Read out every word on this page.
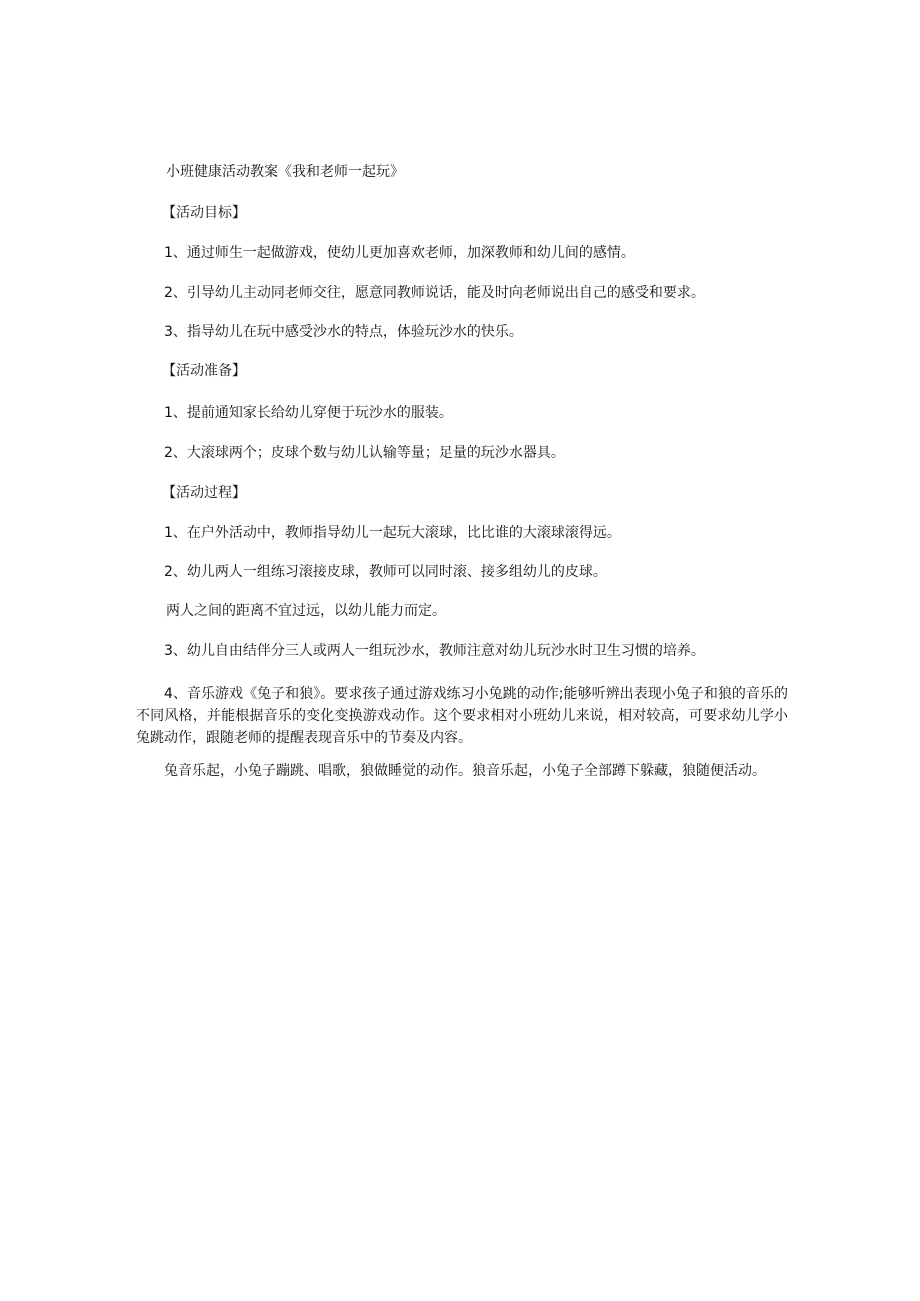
小班健康活动教案《我和老师一起玩》
【活动目标】
1、通过师生一起做游戏，使幼儿更加喜欢老师，加深教师和幼儿间的感情。
2、引导幼儿主动同老师交往，愿意同教师说话，能及时向老师说出自己的感受和要求。
3、指导幼儿在玩中感受沙水的特点，体验玩沙水的快乐。
【活动准备】
1、提前通知家长给幼儿穿便于玩沙水的服装。
2、大滚球两个；皮球个数与幼儿认输等量；足量的玩沙水器具。
【活动过程】
1、在户外活动中，教师指导幼儿一起玩大滚球，比比谁的大滚球滚得远。
2、幼儿两人一组练习滚接皮球，教师可以同时滚、接多组幼儿的皮球。
两人之间的距离不宜过远，以幼儿能力而定。
3、幼儿自由结伴分三人或两人一组玩沙水，教师注意对幼儿玩沙水时卫生习惯的培养。
4、音乐游戏《兔子和狼》。要求孩子通过游戏练习小兔跳的动作;能够听辨出表现小兔子和狼的音乐的不同风格，并能根据音乐的变化变换游戏动作。这个要求相对小班幼儿来说，相对较高，可要求幼儿学小兔跳动作，跟随老师的提醒表现音乐中的节奏及内容。
兔音乐起，小兔子蹦跳、唱歌，狼做睡觉的动作。狼音乐起，小兔子全部蹲下躲藏，狼随便活动。
